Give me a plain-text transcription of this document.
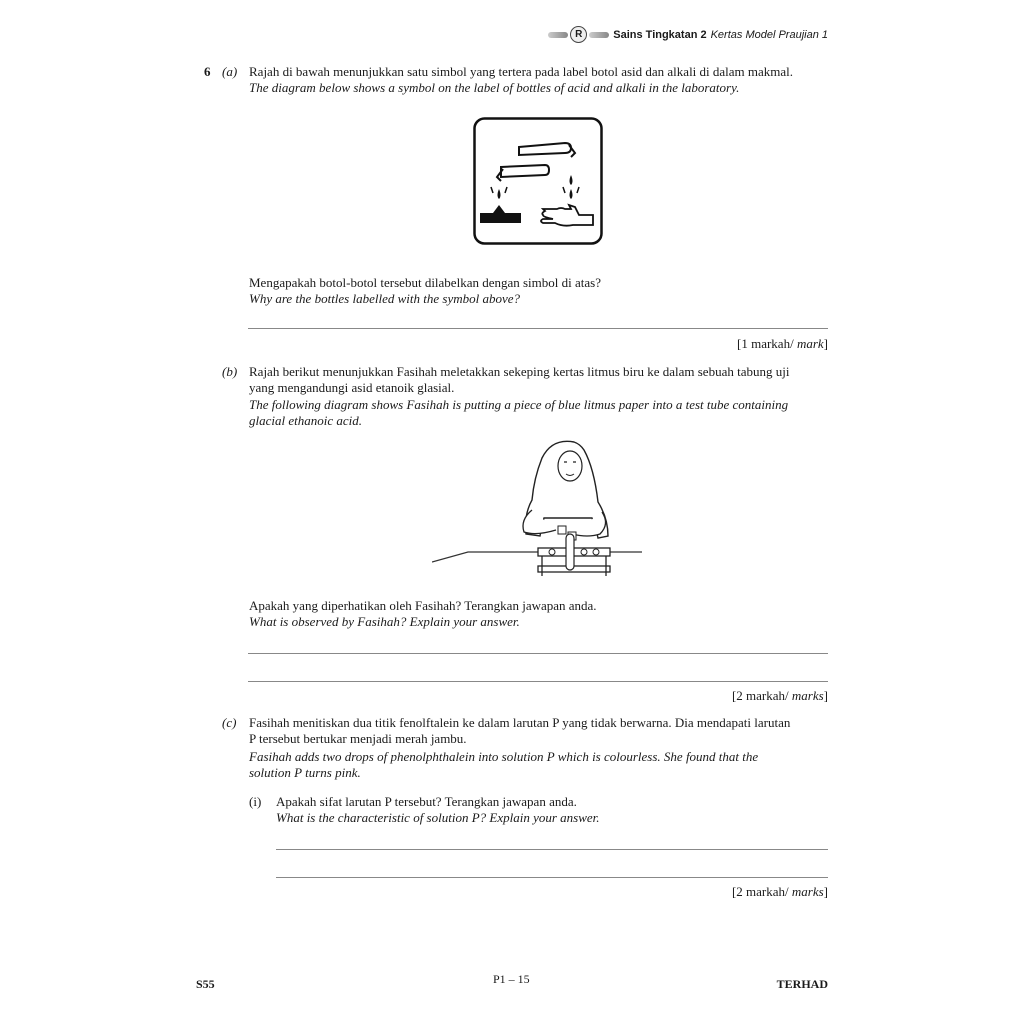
R	Sains Tingkatan 2 Kertas Model Praujian 1
6 (a) Rajah di bawah menunjukkan satu simbol yang tertera pada label botol asid dan alkali di dalam makmal.
The diagram below shows a symbol on the label of bottles of acid and alkali in the laboratory.
Mengapakah botol-botol tersebut dilabelkan dengan simbol di atas?
Why are the bottles labelled with the symbol above?
[1 markah/ mark]
(b) Rajah berikut menunjukkan Fasihah meletakkan sekeping kertas litmus biru ke dalam sebuah tabung uji
yang mengandungi asid etanoik glasial.
The following diagram shows Fasihah is putting a piece of blue litmus paper into a test tube containing
glacial ethanoic acid.
Apakah yang diperhatikan oleh Fasihah? Terangkan jawapan anda.
What is observed by Fasihah? Explain your answer.
[2 markah/ marks]
(c) Fasihah menitiskan dua titik fenolftalein ke dalam larutan P yang tidak berwarna. Dia mendapati larutan
P tersebut bertukar menjadi merah jambu.
Fasihah adds two drops of phenolphthalein into solution P which is colourless. She found that the
solution P turns pink.
(i) Apakah sifat larutan P tersebut? Terangkan jawapan anda.
What is the characteristic of solution P? Explain your answer.
[2 markah/ marks]
S55	P1 – 15	TERHAD
